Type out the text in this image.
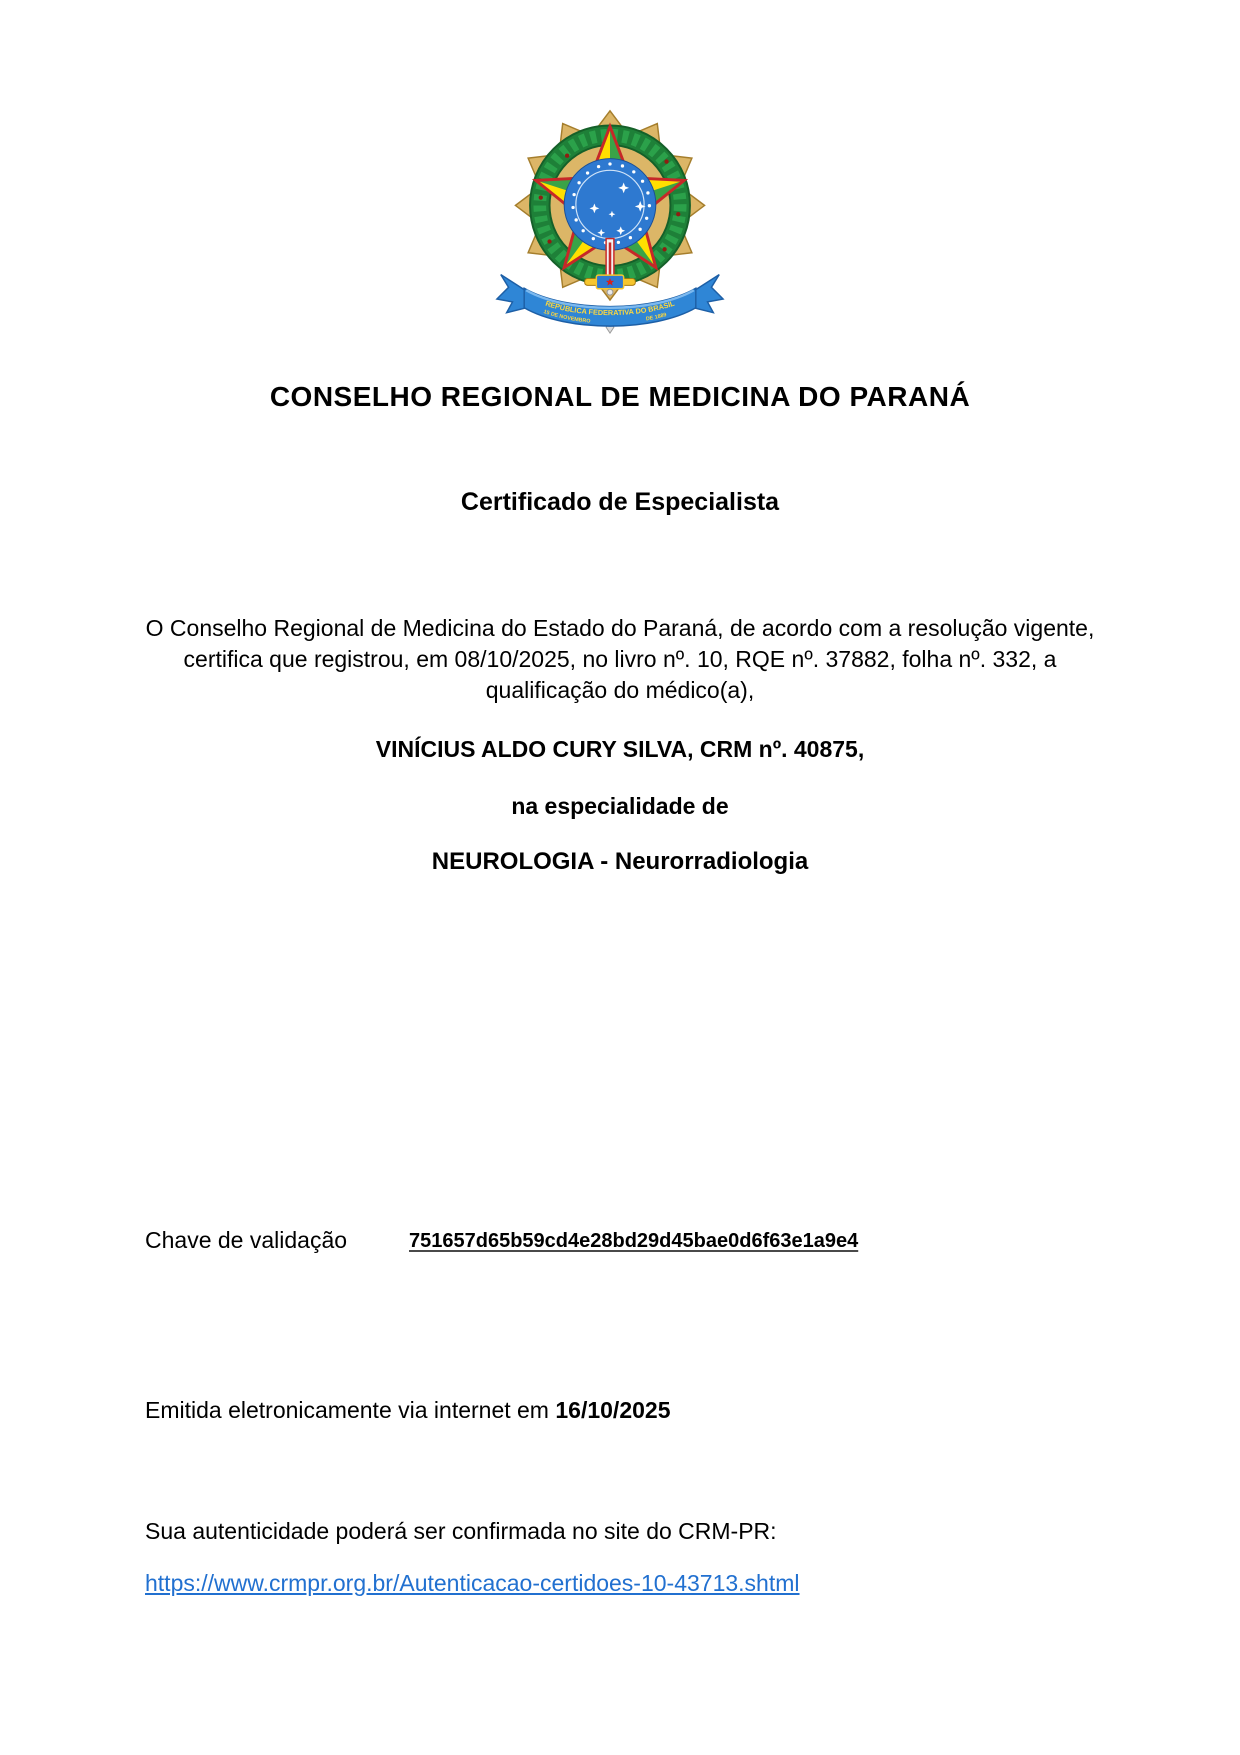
REPÚBLICA FEDERATIVA DO BRASIL
15 DE NOVEMBRO	DE 1889
CONSELHO REGIONAL DE MEDICINA DO PARANÁ
Certificado de Especialista
O Conselho Regional de Medicina do Estado do Paraná, de acordo com a resolução vigente, certifica que registrou, em 08/10/2025, no livro nº. 10, RQE nº. 37882, folha nº. 332, a qualificação do médico(a),
VINÍCIUS ALDO CURY SILVA, CRM nº. 40875,
na especialidade de
NEUROLOGIA - Neurorradiologia
Chave de validação	751657d65b59cd4e28bd29d45bae0d6f63e1a9e4
Emitida eletronicamente via internet em 16/10/2025
Sua autenticidade poderá ser confirmada no site do CRM-PR:
https://www.crmpr.org.br/Autenticacao-certidoes-10-43713.shtml
